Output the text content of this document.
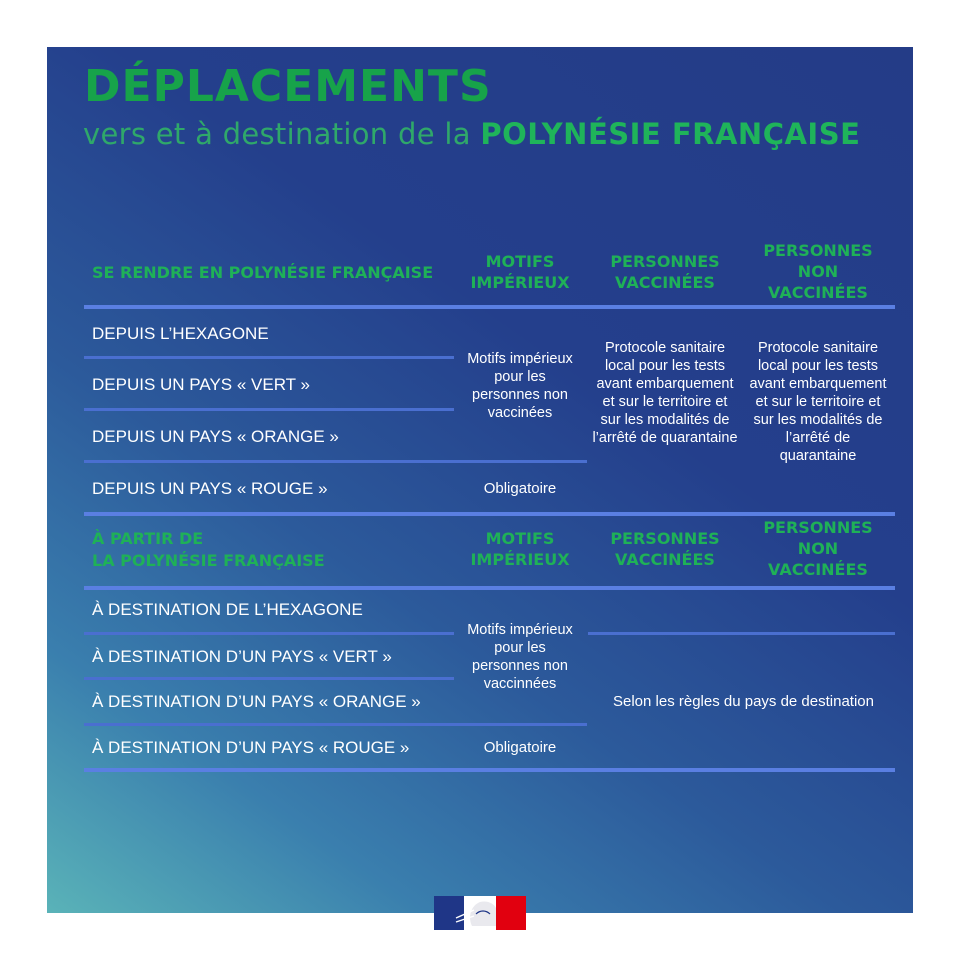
DÉPLACEMENTS

vers et à destination de la POLYNÉSIE FRANÇAISE

SE RENDRE EN POLYNÉSIE FRANÇAISE
MOTIFS IMPÉRIEUX
PERSONNES VACCINÉES
PERSONNES NON VACCINÉES
DEPUIS L’HEXAGONE
DEPUIS UN PAYS « VERT »
DEPUIS UN PAYS « ORANGE »
DEPUIS UN PAYS « ROUGE »
Motifs impérieux pour les personnes non vaccinées
Obligatoire
Protocole sanitaire local pour les tests avant embarquement et sur le territoire et sur les modalités de l’arrêté de quarantaine
Protocole sanitaire local pour les tests avant embarquement et sur le territoire et sur les modalités de l’arrêté de quarantaine
À PARTIR DE
LA POLYNÉSIE FRANÇAISE
MOTIFS IMPÉRIEUX
PERSONNES VACCINÉES
PERSONNES NON VACCINÉES
À DESTINATION DE L’HEXAGONE
À DESTINATION D’UN PAYS « VERT »
À DESTINATION D’UN PAYS « ORANGE »
À DESTINATION D’UN PAYS « ROUGE »
Motifs impérieux pour les personnes non vaccinnées
Obligatoire
Selon les règles du pays de destination
